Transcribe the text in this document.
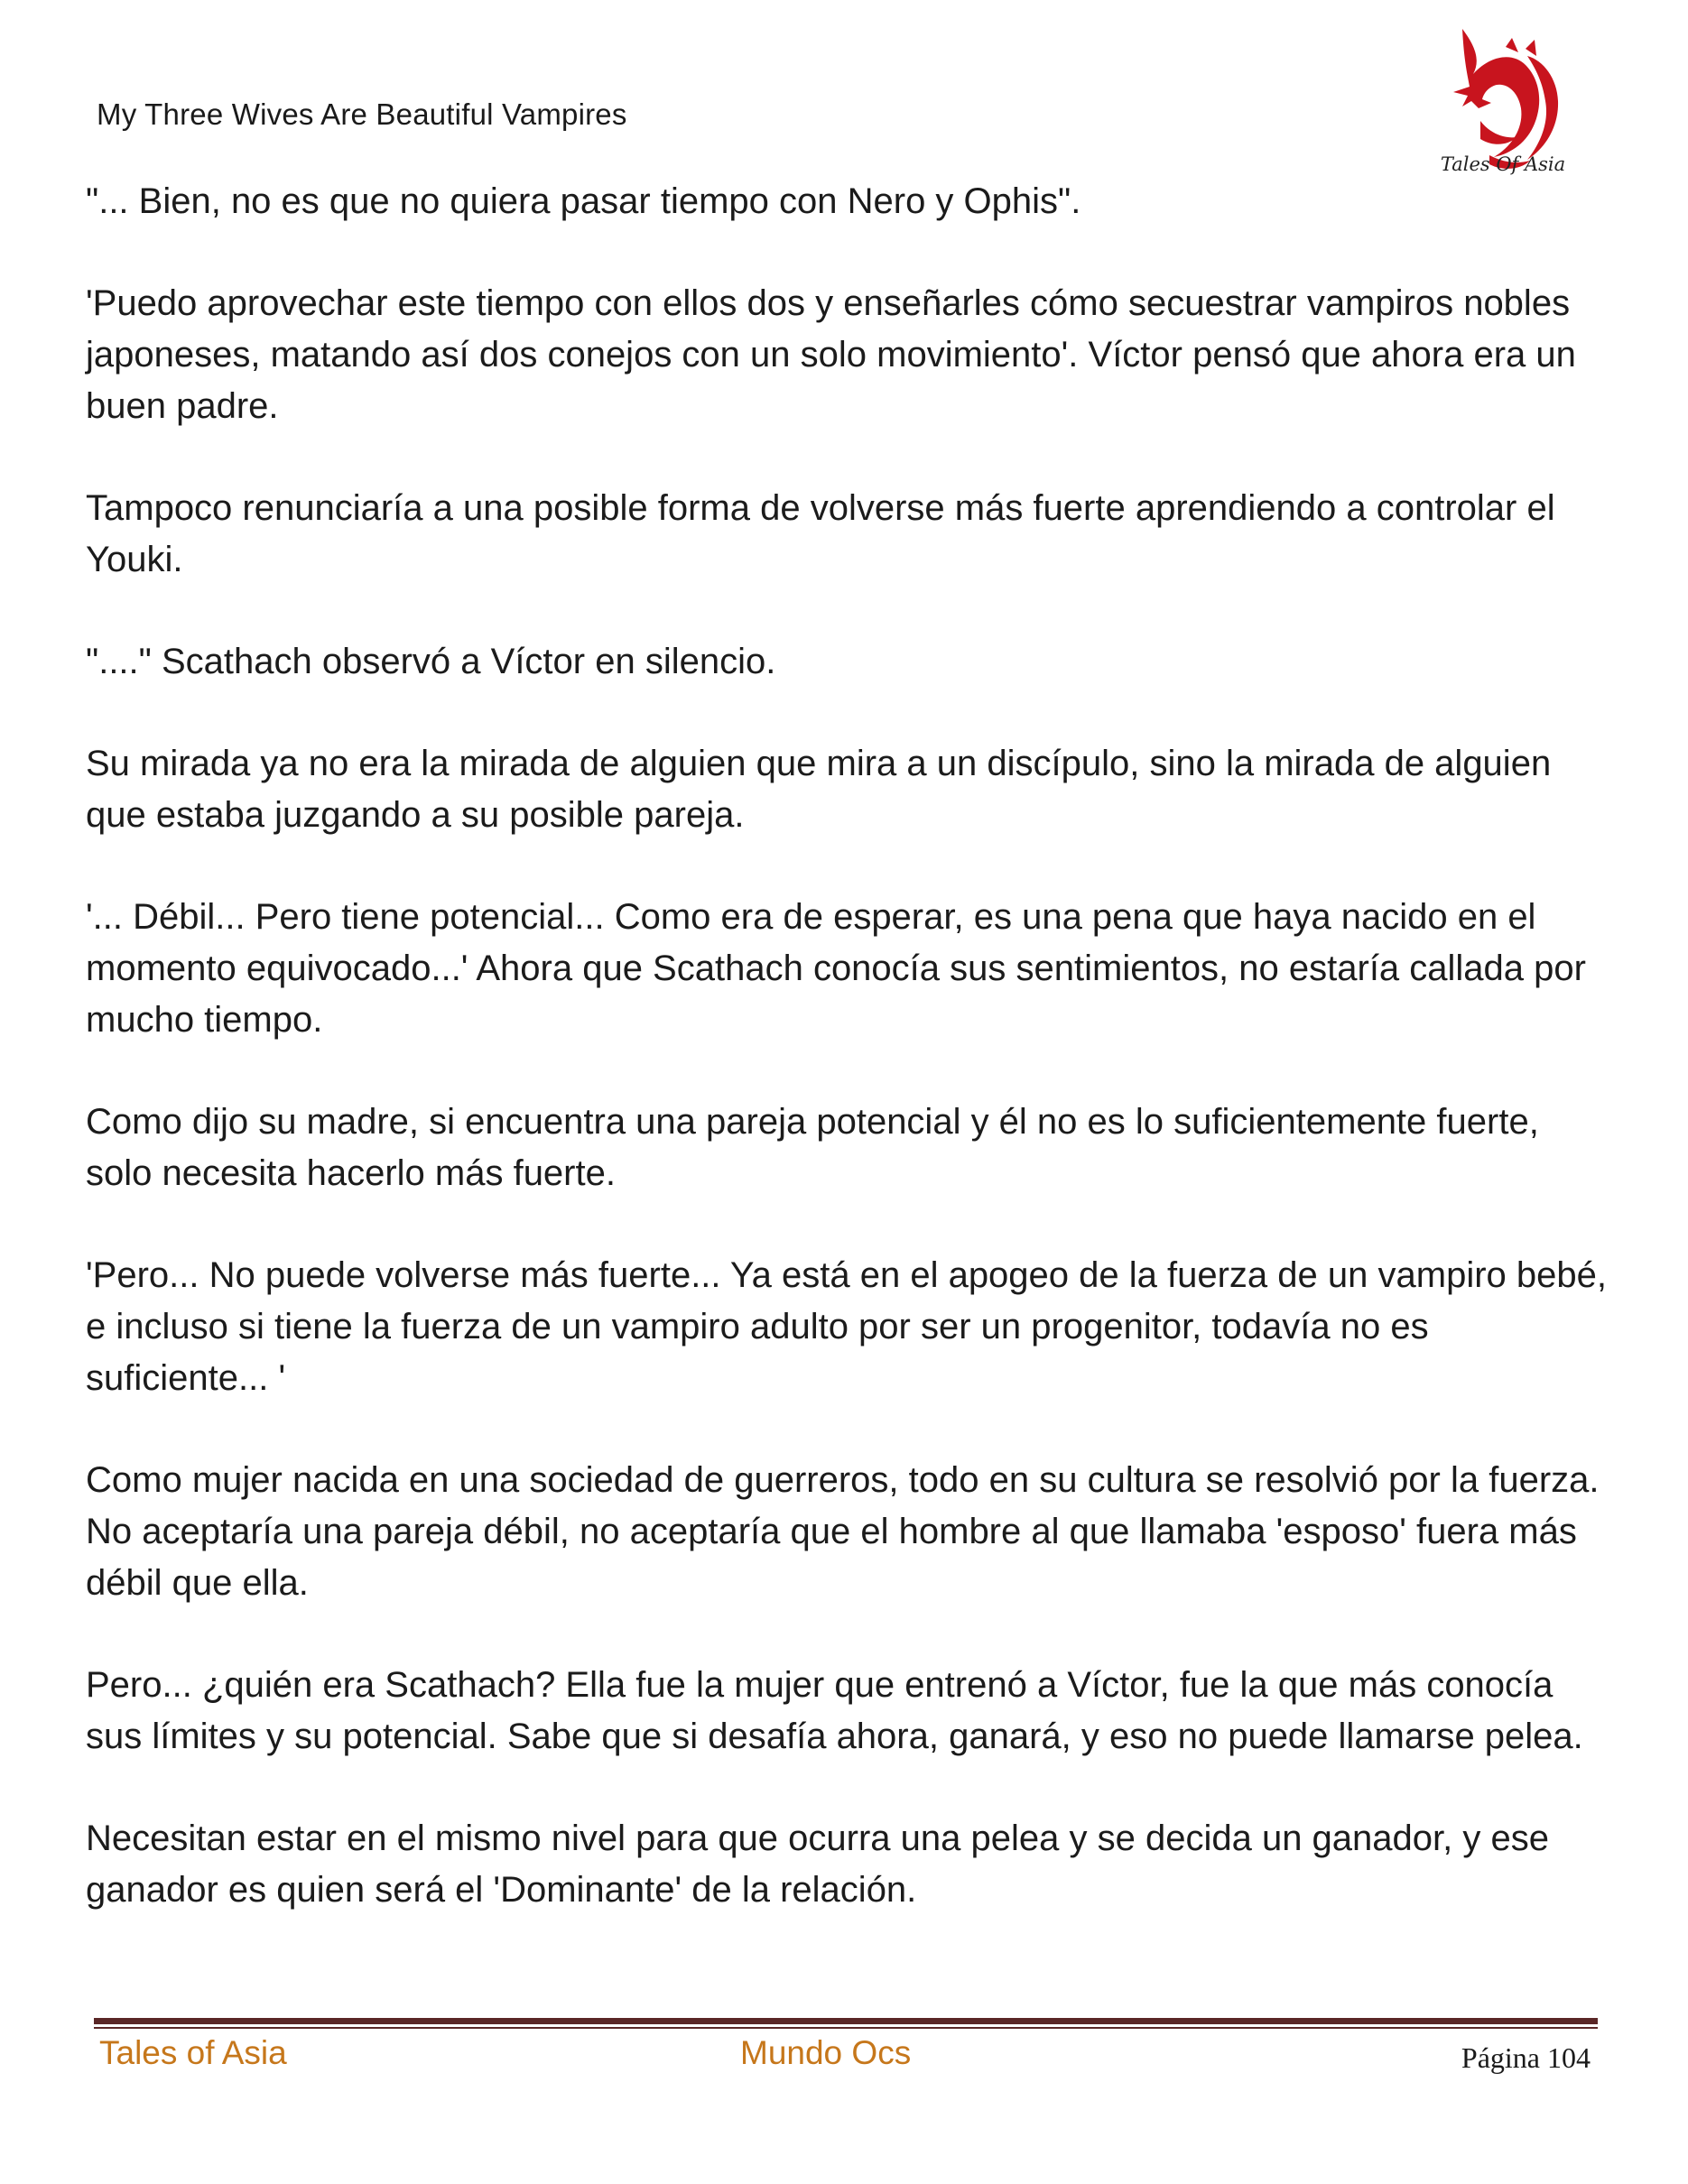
My Three Wives Are Beautiful Vampires
Tales Of Asia

"... Bien, no es que no quiera pasar tiempo con Nero y Ophis".

'Puedo aprovechar este tiempo con ellos dos y enseñarles cómo secuestrar vampiros nobles japoneses, matando así dos conejos con un solo movimiento'. Víctor pensó que ahora era un buen padre.

Tampoco renunciaría a una posible forma de volverse más fuerte aprendiendo a controlar el Youki.

"...." Scathach observó a Víctor en silencio.

Su mirada ya no era la mirada de alguien que mira a un discípulo, sino la mirada de alguien que estaba juzgando a su posible pareja.

'... Débil... Pero tiene potencial... Como era de esperar, es una pena que haya nacido en el momento equivocado...' Ahora que Scathach conocía sus sentimientos, no estaría callada por mucho tiempo.

Como dijo su madre, si encuentra una pareja potencial y él no es lo suficientemente fuerte, solo necesita hacerlo más fuerte.

'Pero... No puede volverse más fuerte... Ya está en el apogeo de la fuerza de un vampiro bebé, e incluso si tiene la fuerza de un vampiro adulto por ser un progenitor, todavía no es suficiente... '

Como mujer nacida en una sociedad de guerreros, todo en su cultura se resolvió por la fuerza. No aceptaría una pareja débil, no aceptaría que el hombre al que llamaba 'esposo' fuera más débil que ella.

Pero... ¿quién era Scathach? Ella fue la mujer que entrenó a Víctor, fue la que más conocía sus límites y su potencial. Sabe que si desafía ahora, ganará, y eso no puede llamarse pelea.

Necesitan estar en el mismo nivel para que ocurra una pelea y se decida un ganador, y ese ganador es quien será el 'Dominante' de la relación.

Tales of Asia	Mundo Ocs	Página 104
